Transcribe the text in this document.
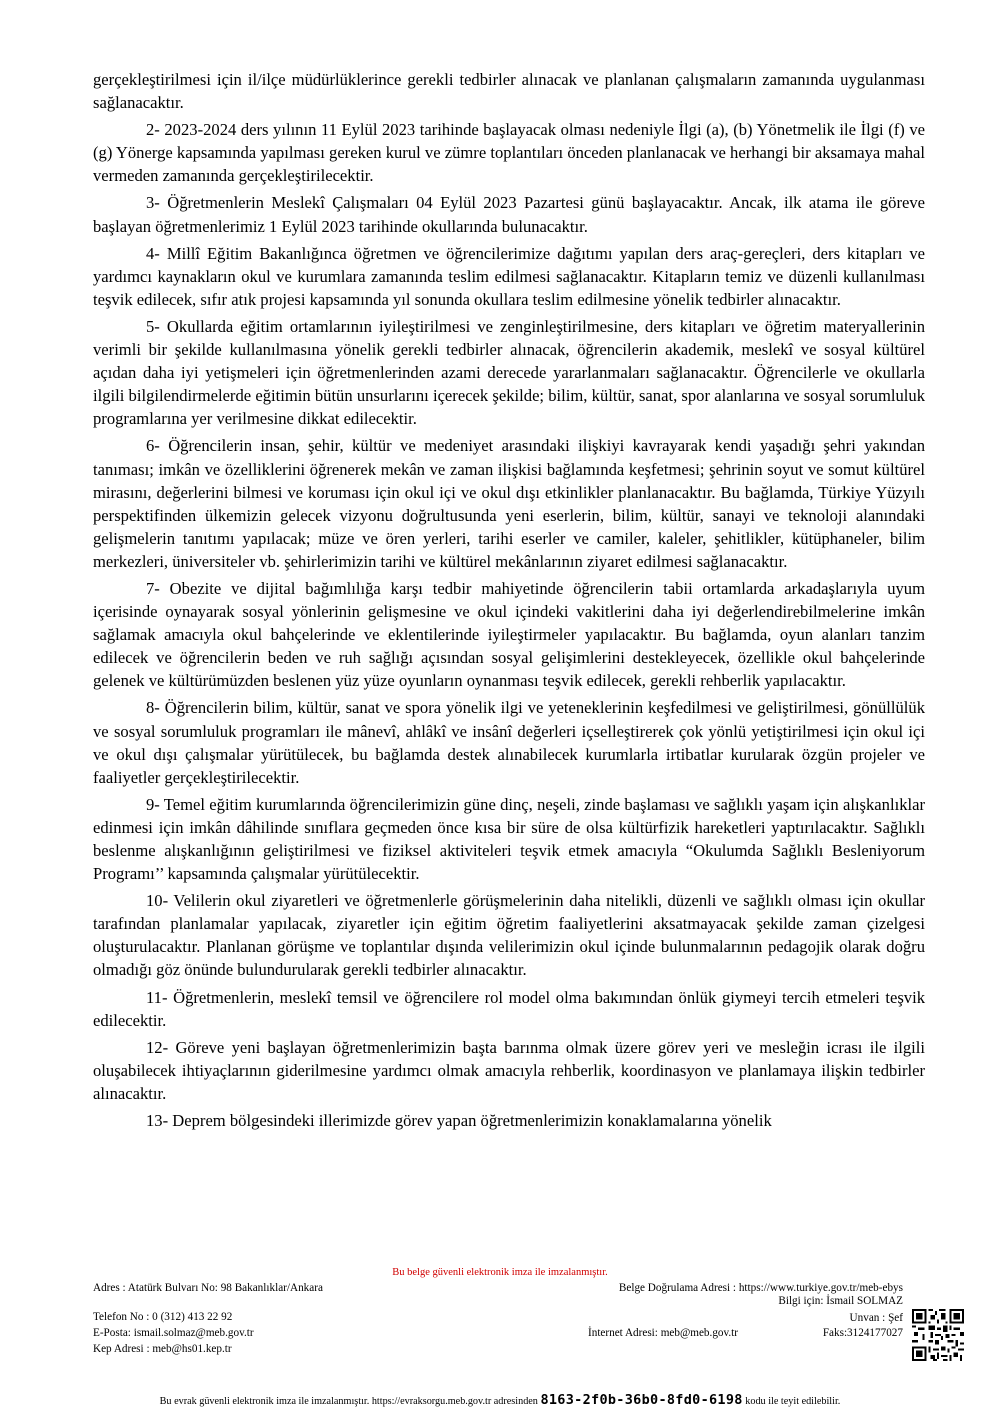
gerçekleştirilmesi için il/ilçe müdürlüklerince gerekli tedbirler alınacak ve planlanan çalışmaların zamanında uygulanması sağlanacaktır.

2- 2023-2024 ders yılının 11 Eylül 2023 tarihinde başlayacak olması nedeniyle İlgi (a), (b) Yönetmelik ile İlgi (f) ve (g) Yönerge kapsamında yapılması gereken kurul ve zümre toplantıları önceden planlanacak ve herhangi bir aksamaya mahal vermeden zamanında gerçekleştirilecektir.

3- Öğretmenlerin Meslekî Çalışmaları 04 Eylül 2023 Pazartesi günü başlayacaktır. Ancak, ilk atama ile göreve başlayan öğretmenlerimiz 1 Eylül 2023 tarihinde okullarında bulunacaktır.

4- Millî Eğitim Bakanlığınca öğretmen ve öğrencilerimize dağıtımı yapılan ders araç-gereçleri, ders kitapları ve yardımcı kaynakların okul ve kurumlara zamanında teslim edilmesi sağlanacaktır. Kitapların temiz ve düzenli kullanılması teşvik edilecek, sıfır atık projesi kapsamında yıl sonunda okullara teslim edilmesine yönelik tedbirler alınacaktır.

5- Okullarda eğitim ortamlarının iyileştirilmesi ve zenginleştirilmesine, ders kitapları ve öğretim materyallerinin verimli bir şekilde kullanılmasına yönelik gerekli tedbirler alınacak, öğrencilerin akademik, meslekî ve sosyal kültürel açıdan daha iyi yetişmeleri için öğretmenlerinden azami derecede yararlanmaları sağlanacaktır. Öğrencilerle ve okullarla ilgili bilgilendirmelerde eğitimin bütün unsurlarını içerecek şekilde; bilim, kültür, sanat, spor alanlarına ve sosyal sorumluluk programlarına yer verilmesine dikkat edilecektir.

6- Öğrencilerin insan, şehir, kültür ve medeniyet arasındaki ilişkiyi kavrayarak kendi yaşadığı şehri yakından tanıması; imkân ve özelliklerini öğrenerek mekân ve zaman ilişkisi bağlamında keşfetmesi; şehrinin soyut ve somut kültürel mirasını, değerlerini bilmesi ve koruması için okul içi ve okul dışı etkinlikler planlanacaktır. Bu bağlamda, Türkiye Yüzyılı perspektifinden ülkemizin gelecek vizyonu doğrultusunda yeni eserlerin, bilim, kültür, sanayi ve teknoloji alanındaki gelişmelerin tanıtımı yapılacak; müze ve ören yerleri, tarihi eserler ve camiler, kaleler, şehitlikler, kütüphaneler, bilim merkezleri, üniversiteler vb. şehirlerimizin tarihi ve kültürel mekânlarının ziyaret edilmesi sağlanacaktır.

7- Obezite ve dijital bağımlılığa karşı tedbir mahiyetinde öğrencilerin tabii ortamlarda arkadaşlarıyla uyum içerisinde oynayarak sosyal yönlerinin gelişmesine ve okul içindeki vakitlerini daha iyi değerlendirebilmelerine imkân sağlamak amacıyla okul bahçelerinde ve eklentilerinde iyileştirmeler yapılacaktır. Bu bağlamda, oyun alanları tanzim edilecek ve öğrencilerin beden ve ruh sağlığı açısından sosyal gelişimlerini destekleyecek, özellikle okul bahçelerinde gelenek ve kültürümüzden beslenen yüz yüze oyunların oynanması teşvik edilecek, gerekli rehberlik yapılacaktır.

8- Öğrencilerin bilim, kültür, sanat ve spora yönelik ilgi ve yeteneklerinin keşfedilmesi ve geliştirilmesi, gönüllülük ve sosyal sorumluluk programları ile mânevî, ahlâkî ve insânî değerleri içselleştirerek çok yönlü yetiştirilmesi için okul içi ve okul dışı çalışmalar yürütülecek, bu bağlamda destek alınabilecek kurumlarla irtibatlar kurularak özgün projeler ve faaliyetler gerçekleştirilecektir.

9- Temel eğitim kurumlarında öğrencilerimizin güne dinç, neşeli, zinde başlaması ve sağlıklı yaşam için alışkanlıklar edinmesi için imkân dâhilinde sınıflara geçmeden önce kısa bir süre de olsa kültürfizik hareketleri yaptırılacaktır. Sağlıklı beslenme alışkanlığının geliştirilmesi ve fiziksel aktiviteleri teşvik etmek amacıyla “Okulumda Sağlıklı Besleniyorum Programı’’ kapsamında çalışmalar yürütülecektir.

10- Velilerin okul ziyaretleri ve öğretmenlerle görüşmelerinin daha nitelikli, düzenli ve sağlıklı olması için okullar tarafından planlamalar yapılacak, ziyaretler için eğitim öğretim faaliyetlerini aksatmayacak şekilde zaman çizelgesi oluşturulacaktır. Planlanan görüşme ve toplantılar dışında velilerimizin okul içinde bulunmalarının pedagojik olarak doğru olmadığı göz önünde bulundurularak gerekli tedbirler alınacaktır.

11- Öğretmenlerin, meslekî temsil ve öğrencilere rol model olma bakımından önlük giymeyi tercih etmeleri teşvik edilecektir.

12- Göreve yeni başlayan öğretmenlerimizin başta barınma olmak üzere görev yeri ve mesleğin icrası ile ilgili oluşabilecek ihtiyaçlarının giderilmesine yardımcı olmak amacıyla rehberlik, koordinasyon ve planlamaya ilişkin tedbirler alınacaktır.

13- Deprem bölgesindeki illerimizde görev yapan öğretmenlerimizin konaklamalarına yönelik

Bu belge güvenli elektronik imza ile imzalanmıştır.
Adres : Atatürk Bulvarı No: 98 Bakanlıklar/Ankara	Belge Doğrulama Adresi : https://www.turkiye.gov.tr/meb-ebys
Bilgi için: İsmail SOLMAZ
Telefon No : 0 (312) 413 22 92	Unvan : Şef
E-Posta: ismail.solmaz@meb.gov.tr	İnternet Adresi: meb@meb.gov.tr	Faks:3124177027
Kep Adresi : meb@hs01.kep.tr
Bu evrak güvenli elektronik imza ile imzalanmıştır. https://evraksorgu.meb.gov.tr adresinden 8163-2f0b-36b0-8fd0-6198 kodu ile teyit edilebilir.
